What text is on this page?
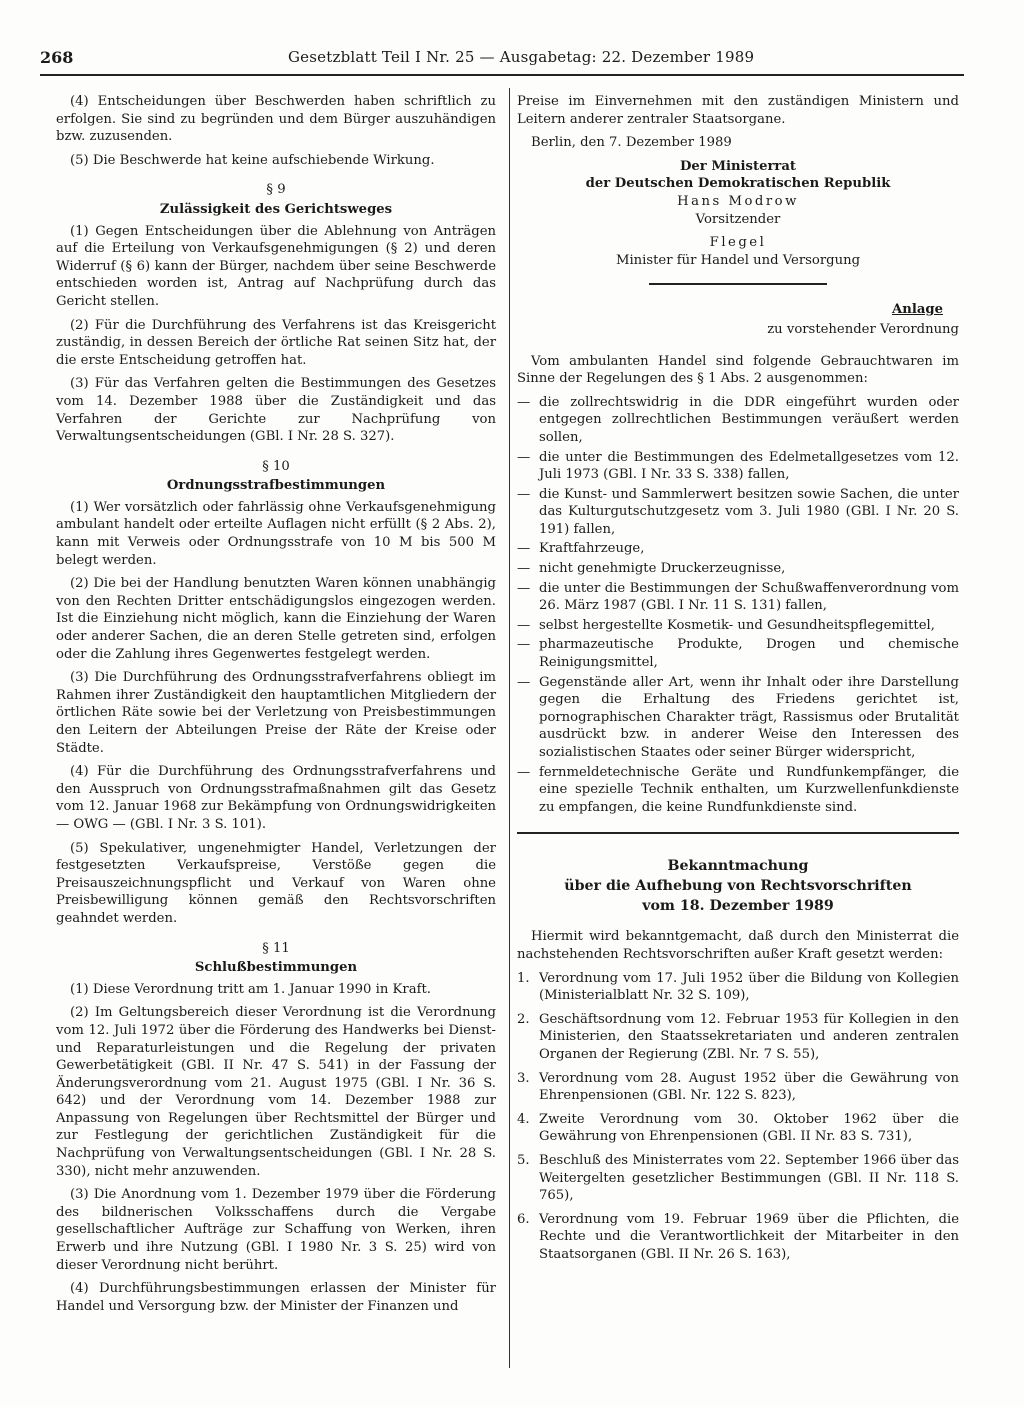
268	Gesetzblatt Teil I Nr. 25 — Ausgabetag: 22. Dezember 1989

(4) Entscheidungen über Beschwerden haben schriftlich zu erfolgen. Sie sind zu begründen und dem Bürger auszuhändigen bzw. zuzusenden.

(5) Die Beschwerde hat keine aufschiebende Wirkung.

§ 9
Zulässigkeit des Gerichtsweges

(1) Gegen Entscheidungen über die Ablehnung von Anträgen auf die Erteilung von Verkaufsgenehmigungen (§ 2) und deren Widerruf (§ 6) kann der Bürger, nachdem über seine Beschwerde entschieden worden ist, Antrag auf Nachprüfung durch das Gericht stellen.

(2) Für die Durchführung des Verfahrens ist das Kreisgericht zuständig, in dessen Bereich der örtliche Rat seinen Sitz hat, der die erste Entscheidung getroffen hat.

(3) Für das Verfahren gelten die Bestimmungen des Gesetzes vom 14. Dezember 1988 über die Zuständigkeit und das Verfahren der Gerichte zur Nachprüfung von Verwaltungsentscheidungen (GBl. I Nr. 28 S. 327).

§ 10
Ordnungsstrafbestimmungen

(1) Wer vorsätzlich oder fahrlässig ohne Verkaufsgenehmigung ambulant handelt oder erteilte Auflagen nicht erfüllt (§ 2 Abs. 2), kann mit Verweis oder Ordnungsstrafe von 10 M bis 500 M belegt werden.

(2) Die bei der Handlung benutzten Waren können unabhängig von den Rechten Dritter entschädigungslos eingezogen werden. Ist die Einziehung nicht möglich, kann die Einziehung der Waren oder anderer Sachen, die an deren Stelle getreten sind, erfolgen oder die Zahlung ihres Gegenwertes festgelegt werden.

(3) Die Durchführung des Ordnungsstrafverfahrens obliegt im Rahmen ihrer Zuständigkeit den hauptamtlichen Mitgliedern der örtlichen Räte sowie bei der Verletzung von Preisbestimmungen den Leitern der Abteilungen Preise der Räte der Kreise oder Städte.

(4) Für die Durchführung des Ordnungsstrafverfahrens und den Ausspruch von Ordnungsstrafmaßnahmen gilt das Gesetz vom 12. Januar 1968 zur Bekämpfung von Ordnungswidrigkeiten — OWG — (GBl. I Nr. 3 S. 101).

(5) Spekulativer, ungenehmigter Handel, Verletzungen der festgesetzten Verkaufspreise, Verstöße gegen die Preisauszeichnungspflicht und Verkauf von Waren ohne Preisbewilligung können gemäß den Rechtsvorschriften geahndet werden.

§ 11
Schlußbestimmungen

(1) Diese Verordnung tritt am 1. Januar 1990 in Kraft.

(2) Im Geltungsbereich dieser Verordnung ist die Verordnung vom 12. Juli 1972 über die Förderung des Handwerks bei Dienst- und Reparaturleistungen und die Regelung der privaten Gewerbetätigkeit (GBl. II Nr. 47 S. 541) in der Fassung der Änderungsverordnung vom 21. August 1975 (GBl. I Nr. 36 S. 642) und der Verordnung vom 14. Dezember 1988 zur Anpassung von Regelungen über Rechtsmittel der Bürger und zur Festlegung der gerichtlichen Zuständigkeit für die Nachprüfung von Verwaltungsentscheidungen (GBl. I Nr. 28 S. 330), nicht mehr anzuwenden.

(3) Die Anordnung vom 1. Dezember 1979 über die Förderung des bildnerischen Volksschaffens durch die Vergabe gesellschaftlicher Aufträge zur Schaffung von Werken, ihren Erwerb und ihre Nutzung (GBl. I 1980 Nr. 3 S. 25) wird von dieser Verordnung nicht berührt.

(4) Durchführungsbestimmungen erlassen der Minister für Handel und Versorgung bzw. der Minister der Finanzen und

Preise im Einvernehmen mit den zuständigen Ministern und Leitern anderer zentraler Staatsorgane.

Berlin, den 7. Dezember 1989

Der Ministerrat

der Deutschen Demokratischen Republik

Hans Modrow

Vorsitzender

Flegel

Minister für Handel und Versorgung

Anlage
zu vorstehender Verordnung

Vom ambulanten Handel sind folgende Gebrauchtwaren im Sinne der Regelungen des § 1 Abs. 2 ausgenommen:

— die zollrechtswidrig in die DDR eingeführt wurden oder entgegen zollrechtlichen Bestimmungen veräußert werden sollen,
— die unter die Bestimmungen des Edelmetallgesetzes vom 12. Juli 1973 (GBl. I Nr. 33 S. 338) fallen,
— die Kunst- und Sammlerwert besitzen sowie Sachen, die unter das Kulturgutschutzgesetz vom 3. Juli 1980 (GBl. I Nr. 20 S. 191) fallen,
— Kraftfahrzeuge,
— nicht genehmigte Druckerzeugnisse,
— die unter die Bestimmungen der Schußwaffenverordnung vom 26. März 1987 (GBl. I Nr. 11 S. 131) fallen,
— selbst hergestellte Kosmetik- und Gesundheitspflegemittel,
— pharmazeutische Produkte, Drogen und chemische Reinigungsmittel,
— Gegenstände aller Art, wenn ihr Inhalt oder ihre Darstellung gegen die Erhaltung des Friedens gerichtet ist, pornographischen Charakter trägt, Rassismus oder Brutalität ausdrückt bzw. in anderer Weise den Interessen des sozialistischen Staates oder seiner Bürger widerspricht,
— fernmeldetechnische Geräte und Rundfunkempfänger, die eine spezielle Technik enthalten, um Kurzwellenfunkdienste zu empfangen, die keine Rundfunkdienste sind.

Bekanntmachung

über die Aufhebung von Rechtsvorschriften

vom 18. Dezember 1989

Hiermit wird bekanntgemacht, daß durch den Ministerrat die nachstehenden Rechtsvorschriften außer Kraft gesetzt werden:

1. Verordnung vom 17. Juli 1952 über die Bildung von Kollegien (Ministerialblatt Nr. 32 S. 109),
2. Geschäftsordnung vom 12. Februar 1953 für Kollegien in den Ministerien, den Staatssekretariaten und anderen zentralen Organen der Regierung (ZBl. Nr. 7 S. 55),
3. Verordnung vom 28. August 1952 über die Gewährung von Ehrenpensionen (GBl. Nr. 122 S. 823),
4. Zweite Verordnung vom 30. Oktober 1962 über die Gewährung von Ehrenpensionen (GBl. II Nr. 83 S. 731),
5. Beschluß des Ministerrates vom 22. September 1966 über das Weitergelten gesetzlicher Bestimmungen (GBl. II Nr. 118 S. 765),
6. Verordnung vom 19. Februar 1969 über die Pflichten, die Rechte und die Verantwortlichkeit der Mitarbeiter in den Staatsorganen (GBl. II Nr. 26 S. 163),
